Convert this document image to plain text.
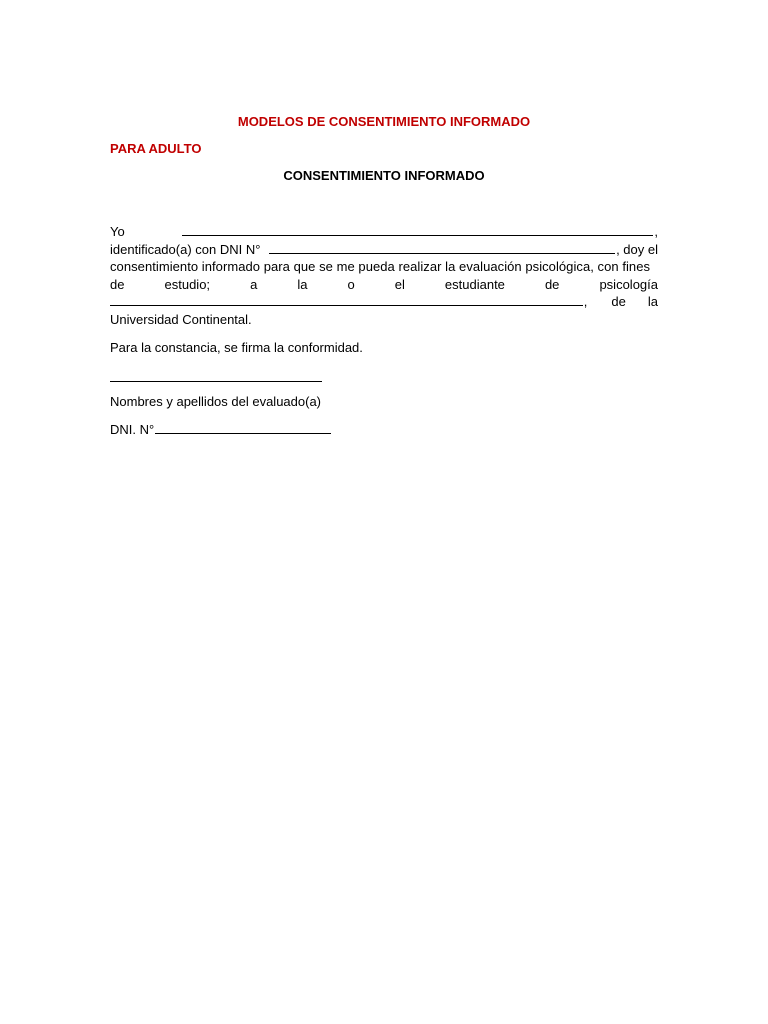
MODELOS DE CONSENTIMIENTO INFORMADO
PARA ADULTO
CONSENTIMIENTO INFORMADO
Yo	,
identificado(a) con DNI N°	, doy el
consentimiento informado para que se me pueda realizar la evaluación psicológica, con fines
de	estudio;	a	la	o	el	estudiante	de	psicología
, de la
Universidad Continental.

Para la constancia, se firma la conformidad.

Nombres y apellidos del evaluado(a)

DNI. N°
